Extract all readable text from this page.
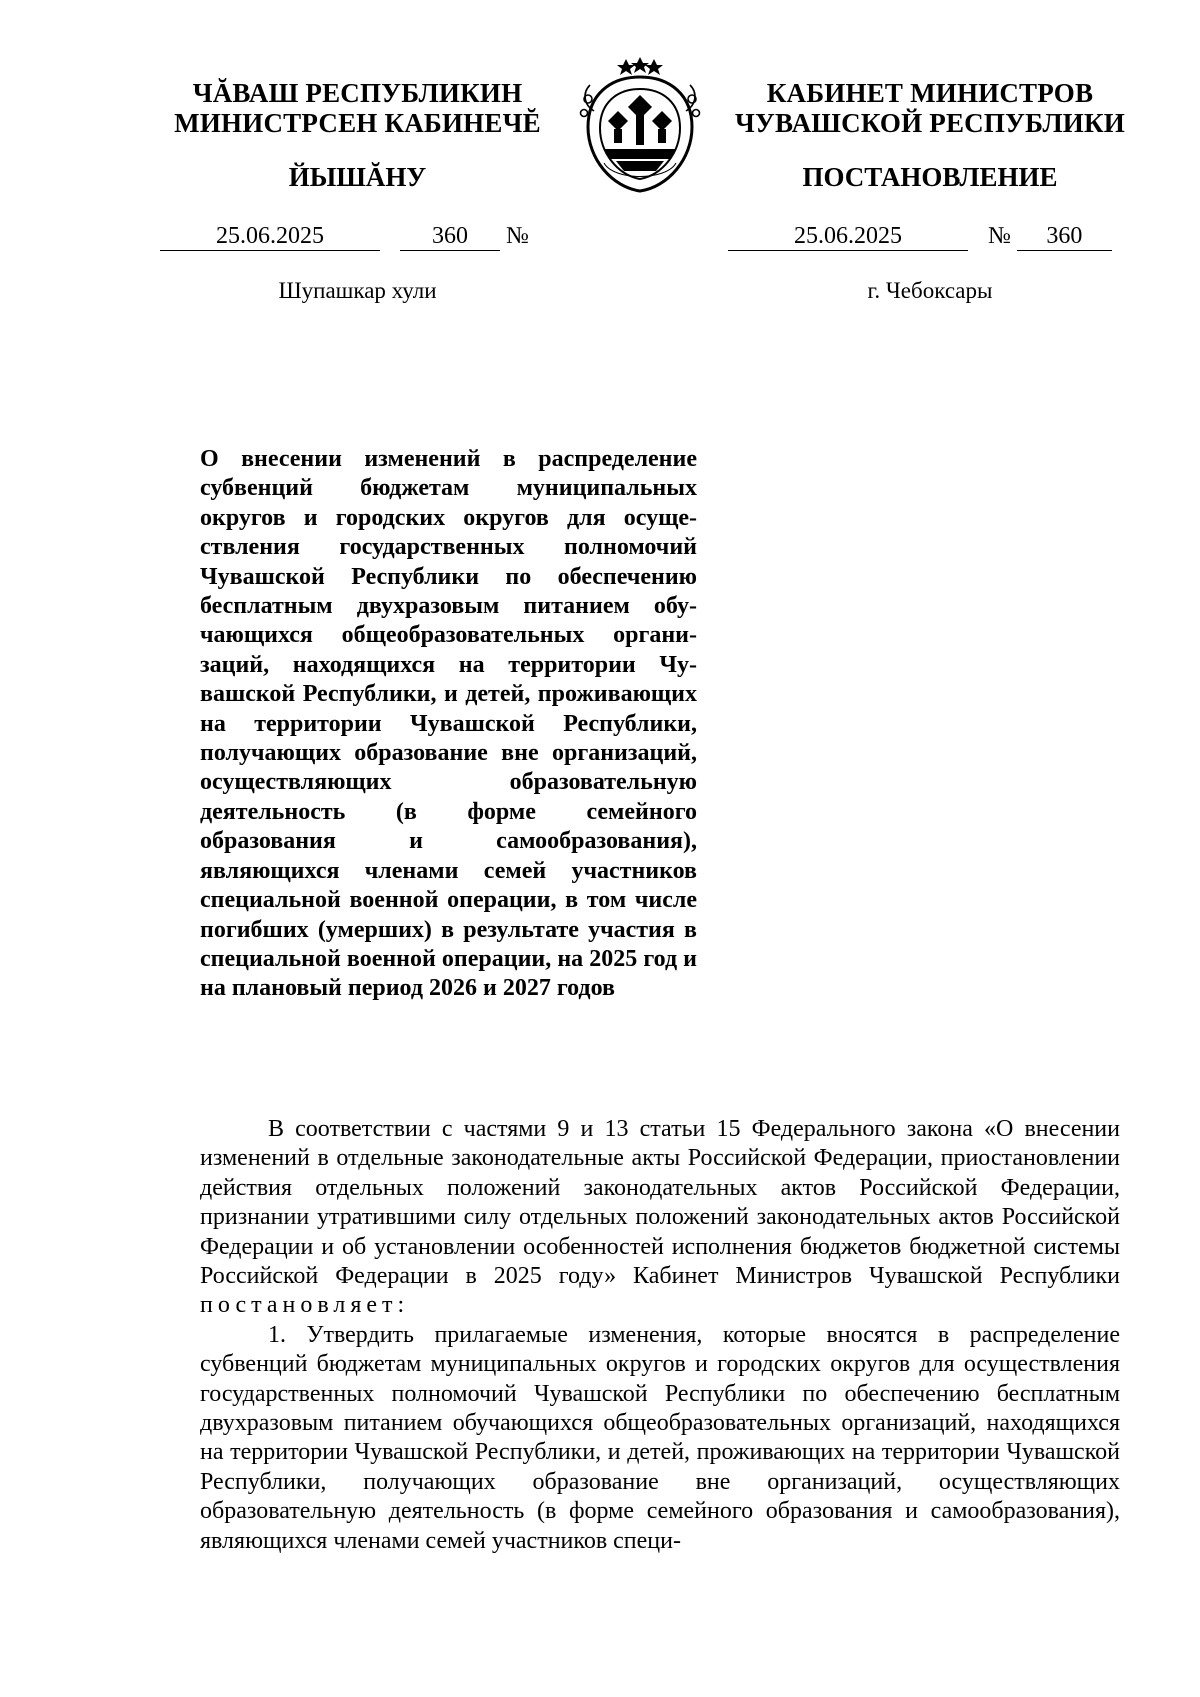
ЧĂВАШ РЕСПУБЛИКИН
МИНИСТРСЕН КАБИНЕЧĔ
ЙЫШĂНУ
КАБИНЕТ МИНИСТРОВ
ЧУВАШСКОЙ РЕСПУБЛИКИ
ПОСТАНОВЛЕНИЕ
25.06.2025	360 №	25.06.2025	№ 360
Шупашкар хули	г. Чебоксары
О внесении изменений в распределение субвенций бюджетам муниципальных округов и городских округов для осуществления государственных полномочий Чувашской Республики по обеспечению бесплатным двухразовым питанием обучающихся общеобразовательных организаций, находящихся на территории Чувашской Республики, и детей, проживающих на территории Чувашской Республики, получающих образование вне организаций, осуществляющих образовательную деятельность (в форме семейного образования и самообразования), являющихся членами семей участников специальной военной операции, в том числе погибших (умерших) в результате участия в специальной военной операции, на 2025 год и на плановый период 2026 и 2027 годов

В соответствии с частями 9 и 13 статьи 15 Федерального закона «О внесении изменений в отдельные законодательные акты Российской Федерации, приостановлении действия отдельных положений законодательных актов Российской Федерации, признании утратившими силу отдельных положений законодательных актов Российской Федерации и об установлении особенностей исполнения бюджетов бюджетной системы Российской Федерации в 2025 году» Кабинет Министров Чувашской Республики постановляет:

1. Утвердить прилагаемые изменения, которые вносятся в распределение субвенций бюджетам муниципальных округов и городских округов для осуществления государственных полномочий Чувашской Республики по обеспечению бесплатным двухразовым питанием обучающихся общеобразовательных организаций, находящихся на территории Чувашской Республики, и детей, проживающих на территории Чувашской Республики, получающих образование вне организаций, осуществляющих образовательную деятельность (в форме семейного образования и самообразования), являющихся членами семей участников специ-
